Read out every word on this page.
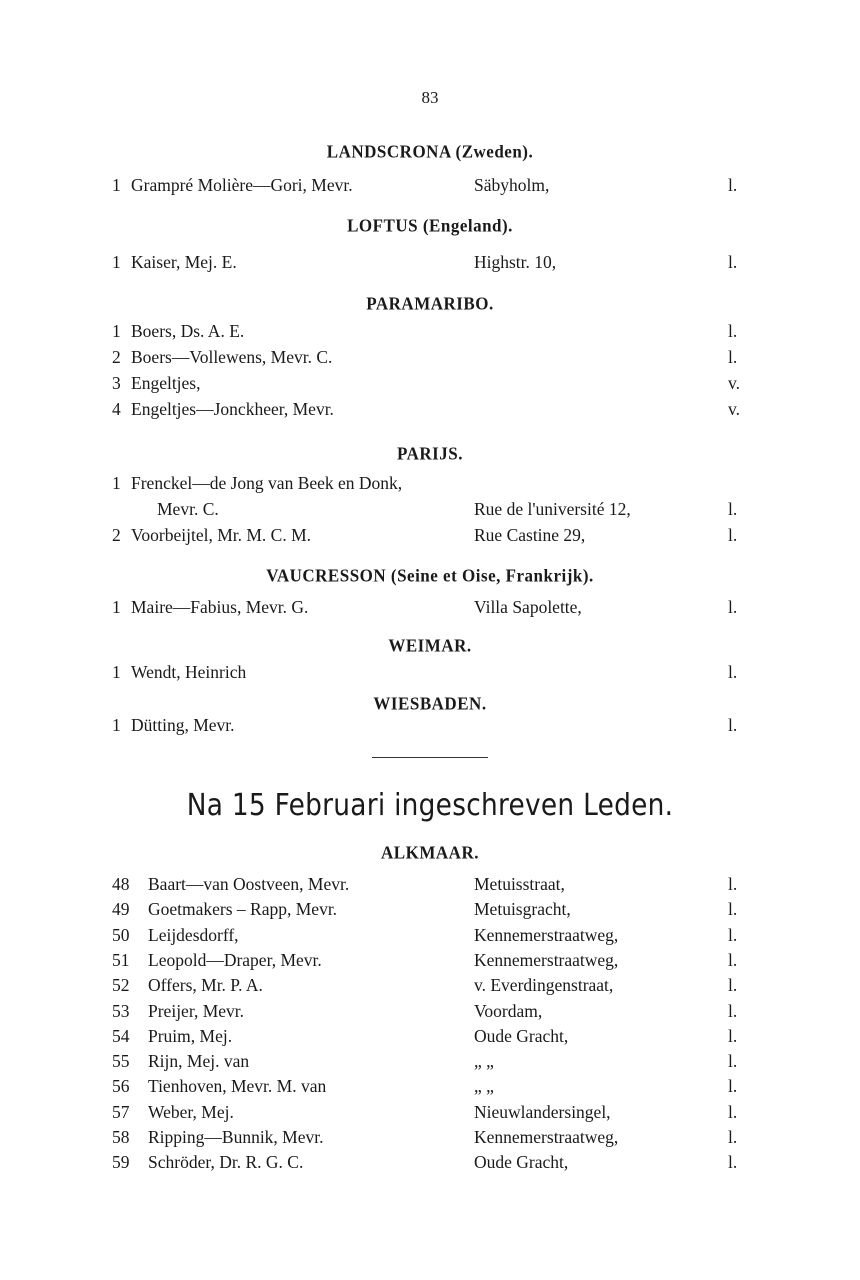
83
LANDSCRONA (Zweden).
1 Grampré Molière—Gori, Mevr.	Säbyholm,	l.
LOFTUS (Engeland).
1 Kaiser, Mej. E.	Highstr. 10,	l.
PARAMARIBO.
1 Boers, Ds. A. E.	l.
2 Boers—Vollewens, Mevr. C.	l.
3 Engeltjes,	v.
4 Engeltjes—Jonckheer, Mevr.	v.
PARIJS.
1 Frenckel—de Jong van Beek en Donk,
Mevr. C.	Rue de l'université 12,	l.
2 Voorbeijtel, Mr. M. C. M.	Rue Castine 29,	l.
VAUCRESSON (Seine et Oise, Frankrijk).
1 Maire—Fabius, Mevr. G.	Villa Sapolette,	l.
WEIMAR.
1 Wendt, Heinrich	l.
WIESBADEN.
1 Dütting, Mevr.	l.
Na 15 Februari ingeschreven Leden.
ALKMAAR.
48	Baart—van Oostveen, Mevr.	Metuisstraat,	l.
49	Goetmakers – Rapp, Mevr.	Metuisgracht,	l.
50	Leijdesdorff,	Kennemerstraatweg,	l.
51	Leopold—Draper, Mevr.	Kennemerstraatweg,	l.
52	Offers, Mr. P. A.	v. Everdingenstraat,	l.
53	Preijer, Mevr.	Voordam,	l.
54	Pruim, Mej.	Oude Gracht,	l.
55	Rijn, Mej. van	„ „	l.
56	Tienhoven, Mevr. M. van	„ „	l.
57	Weber, Mej.	Nieuwlandersingel,	l.
58	Ripping—Bunnik, Mevr.	Kennemerstraatweg,	l.
59	Schröder, Dr. R. G. C.	Oude Gracht,	l.
